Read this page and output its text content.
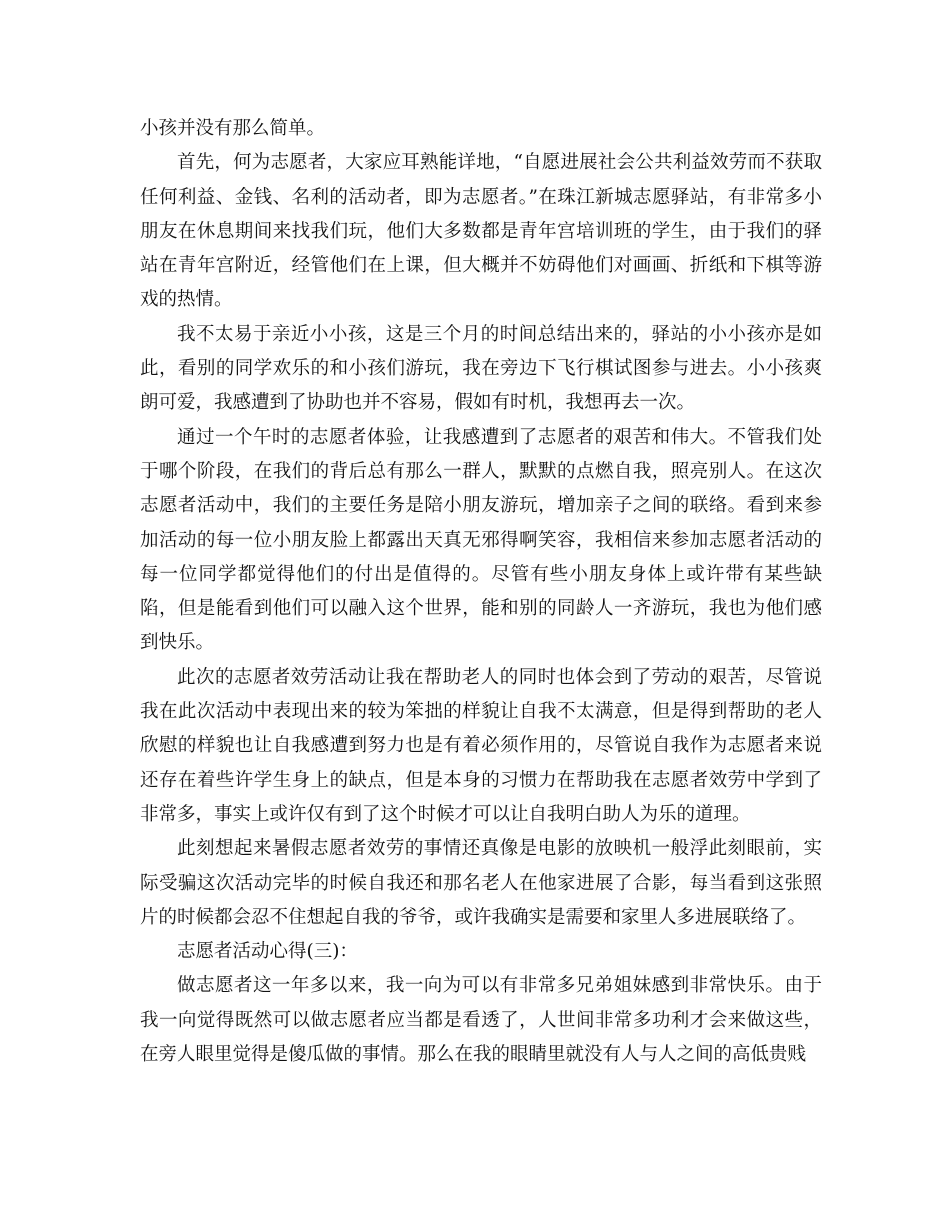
小孩并没有那么简单。

首先，何为志愿者，大家应耳熟能详地，“自愿进展社会公共利益效劳而不获取任何利益、金钱、名利的活动者，即为志愿者。”在珠江新城志愿驿站，有非常多小朋友在休息期间来找我们玩，他们大多数都是青年宫培训班的学生，由于我们的驿站在青年宫附近，经管他们在上课，但大概并不妨碍他们对画画、折纸和下棋等游戏的热情。

我不太易于亲近小小孩，这是三个月的时间总结出来的，驿站的小小孩亦是如此，看别的同学欢乐的和小孩们游玩，我在旁边下飞行棋试图参与进去。小小孩爽朗可爱，我感遭到了协助也并不容易，假如有时机，我想再去一次。

通过一个午时的志愿者体验，让我感遭到了志愿者的艰苦和伟大。不管我们处于哪个阶段，在我们的背后总有那么一群人，默默的点燃自我，照亮别人。在这次志愿者活动中，我们的主要任务是陪小朋友游玩，增加亲子之间的联络。看到来参加活动的每一位小朋友脸上都露出天真无邪得啊笑容，我相信来参加志愿者活动的每一位同学都觉得他们的付出是值得的。尽管有些小朋友身体上或许带有某些缺陷，但是能看到他们可以融入这个世界，能和别的同龄人一齐游玩，我也为他们感到快乐。

此次的志愿者效劳活动让我在帮助老人的同时也体会到了劳动的艰苦，尽管说我在此次活动中表现出来的较为笨拙的样貌让自我不太满意，但是得到帮助的老人欣慰的样貌也让自我感遭到努力也是有着必须作用的，尽管说自我作为志愿者来说还存在着些许学生身上的缺点，但是本身的习惯力在帮助我在志愿者效劳中学到了非常多，事实上或许仅有到了这个时候才可以让自我明白助人为乐的道理。

此刻想起来暑假志愿者效劳的事情还真像是电影的放映机一般浮此刻眼前，实际受骗这次活动完毕的时候自我还和那名老人在他家进展了合影，每当看到这张照片的时候都会忍不住想起自我的爷爷，或许我确实是需要和家里人多进展联络了。

志愿者活动心得(三)：

做志愿者这一年多以来，我一向为可以有非常多兄弟姐妹感到非常快乐。由于我一向觉得既然可以做志愿者应当都是看透了，人世间非常多功利才会来做这些，在旁人眼里觉得是傻瓜做的事情。那么在我的眼睛里就没有人与人之间的高低贵贱
